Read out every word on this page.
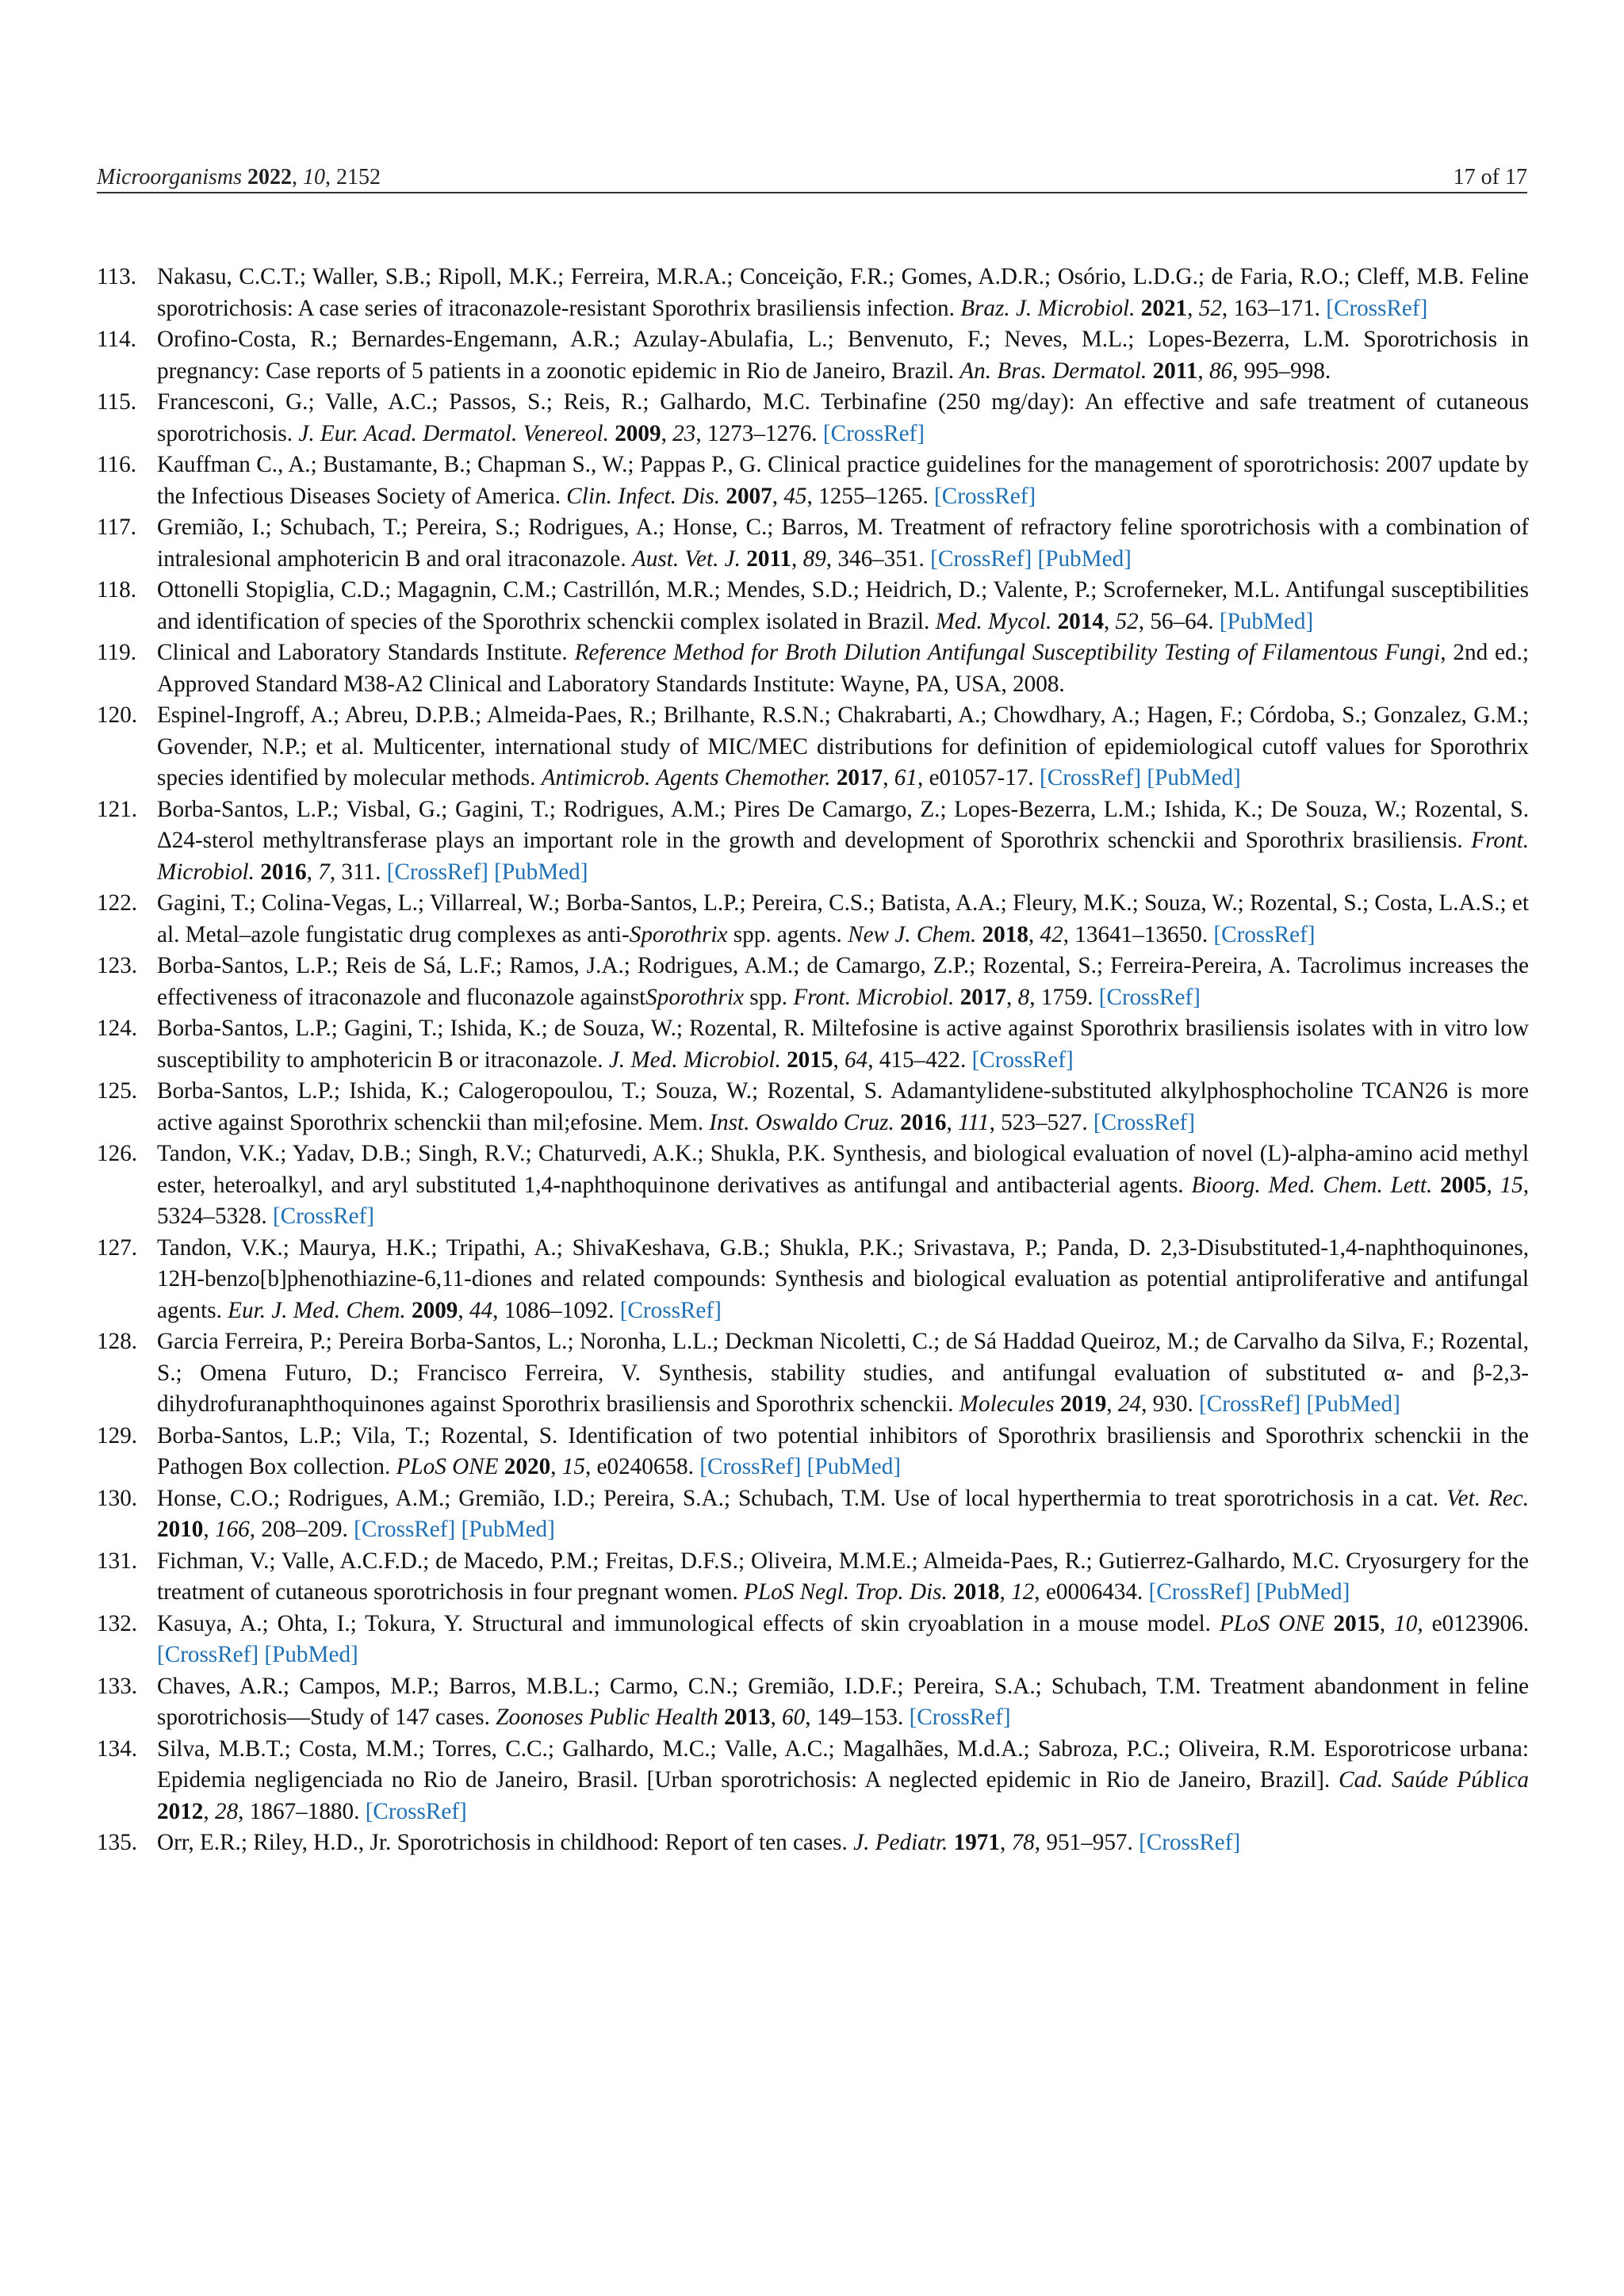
Microorganisms 2022, 10, 2152	17 of 17
113. Nakasu, C.C.T.; Waller, S.B.; Ripoll, M.K.; Ferreira, M.R.A.; Conceição, F.R.; Gomes, A.D.R.; Osório, L.D.G.; de Faria, R.O.; Cleff, M.B. Feline sporotrichosis: A case series of itraconazole-resistant Sporothrix brasiliensis infection. Braz. J. Microbiol. 2021, 52, 163–171. [CrossRef]
114. Orofino-Costa, R.; Bernardes-Engemann, A.R.; Azulay-Abulafia, L.; Benvenuto, F.; Neves, M.L.; Lopes-Bezerra, L.M. Sporotrichosis in pregnancy: Case reports of 5 patients in a zoonotic epidemic in Rio de Janeiro, Brazil. An. Bras. Dermatol. 2011, 86, 995–998.
115. Francesconi, G.; Valle, A.C.; Passos, S.; Reis, R.; Galhardo, M.C. Terbinafine (250 mg/day): An effective and safe treatment of cutaneous sporotrichosis. J. Eur. Acad. Dermatol. Venereol. 2009, 23, 1273–1276. [CrossRef]
116. Kauffman C., A.; Bustamante, B.; Chapman S., W.; Pappas P., G. Clinical practice guidelines for the management of sporotrichosis: 2007 update by the Infectious Diseases Society of America. Clin. Infect. Dis. 2007, 45, 1255–1265. [CrossRef]
117. Gremião, I.; Schubach, T.; Pereira, S.; Rodrigues, A.; Honse, C.; Barros, M. Treatment of refractory feline sporotrichosis with a combination of intralesional amphotericin B and oral itraconazole. Aust. Vet. J. 2011, 89, 346–351. [CrossRef] [PubMed]
118. Ottonelli Stopiglia, C.D.; Magagnin, C.M.; Castrillón, M.R.; Mendes, S.D.; Heidrich, D.; Valente, P.; Scroferneker, M.L. Antifungal susceptibilities and identification of species of the Sporothrix schenckii complex isolated in Brazil. Med. Mycol. 2014, 52, 56–64. [PubMed]
119. Clinical and Laboratory Standards Institute. Reference Method for Broth Dilution Antifungal Susceptibility Testing of Filamentous Fungi, 2nd ed.; Approved Standard M38-A2 Clinical and Laboratory Standards Institute: Wayne, PA, USA, 2008.
120. Espinel-Ingroff, A.; Abreu, D.P.B.; Almeida-Paes, R.; Brilhante, R.S.N.; Chakrabarti, A.; Chowdhary, A.; Hagen, F.; Córdoba, S.; Gonzalez, G.M.; Govender, N.P.; et al. Multicenter, international study of MIC/MEC distributions for definition of epidemiological cutoff values for Sporothrix species identified by molecular methods. Antimicrob. Agents Chemother. 2017, 61, e01057-17. [CrossRef] [PubMed]
121. Borba-Santos, L.P.; Visbal, G.; Gagini, T.; Rodrigues, A.M.; Pires De Camargo, Z.; Lopes-Bezerra, L.M.; Ishida, K.; De Souza, W.; Rozental, S. Δ24-sterol methyltransferase plays an important role in the growth and development of Sporothrix schenckii and Sporothrix brasiliensis. Front. Microbiol. 2016, 7, 311. [CrossRef] [PubMed]
122. Gagini, T.; Colina-Vegas, L.; Villarreal, W.; Borba-Santos, L.P.; Pereira, C.S.; Batista, A.A.; Fleury, M.K.; Souza, W.; Rozental, S.; Costa, L.A.S.; et al. Metal–azole fungistatic drug complexes as anti-Sporothrix spp. agents. New J. Chem. 2018, 42, 13641–13650. [CrossRef]
123. Borba-Santos, L.P.; Reis de Sá, L.F.; Ramos, J.A.; Rodrigues, A.M.; de Camargo, Z.P.; Rozental, S.; Ferreira-Pereira, A. Tacrolimus increases the effectiveness of itraconazole and fluconazole againstSporothrix spp. Front. Microbiol. 2017, 8, 1759. [CrossRef]
124. Borba-Santos, L.P.; Gagini, T.; Ishida, K.; de Souza, W.; Rozental, R. Miltefosine is active against Sporothrix brasiliensis isolates with in vitro low susceptibility to amphotericin B or itraconazole. J. Med. Microbiol. 2015, 64, 415–422. [CrossRef]
125. Borba-Santos, L.P.; Ishida, K.; Calogeropoulou, T.; Souza, W.; Rozental, S. Adamantylidene-substituted alkylphosphocholine TCAN26 is more active against Sporothrix schenckii than mil;efosine. Mem. Inst. Oswaldo Cruz. 2016, 111, 523–527. [CrossRef]
126. Tandon, V.K.; Yadav, D.B.; Singh, R.V.; Chaturvedi, A.K.; Shukla, P.K. Synthesis, and biological evaluation of novel (L)-alpha-amino acid methyl ester, heteroalkyl, and aryl substituted 1,4-naphthoquinone derivatives as antifungal and antibacterial agents. Bioorg. Med. Chem. Lett. 2005, 15, 5324–5328. [CrossRef]
127. Tandon, V.K.; Maurya, H.K.; Tripathi, A.; ShivaKeshava, G.B.; Shukla, P.K.; Srivastava, P.; Panda, D. 2,3-Disubstituted-1,4-naphthoquinones, 12H-benzo[b]phenothiazine-6,11-diones and related compounds: Synthesis and biological evaluation as potential antiproliferative and antifungal agents. Eur. J. Med. Chem. 2009, 44, 1086–1092. [CrossRef]
128. Garcia Ferreira, P.; Pereira Borba-Santos, L.; Noronha, L.L.; Deckman Nicoletti, C.; de Sá Haddad Queiroz, M.; de Carvalho da Silva, F.; Rozental, S.; Omena Futuro, D.; Francisco Ferreira, V. Synthesis, stability studies, and antifungal evaluation of substituted α- and β-2,3-dihydrofuranaphthoquinones against Sporothrix brasiliensis and Sporothrix schenckii. Molecules 2019, 24, 930. [CrossRef] [PubMed]
129. Borba-Santos, L.P.; Vila, T.; Rozental, S. Identification of two potential inhibitors of Sporothrix brasiliensis and Sporothrix schenckii in the Pathogen Box collection. PLoS ONE 2020, 15, e0240658. [CrossRef] [PubMed]
130. Honse, C.O.; Rodrigues, A.M.; Gremião, I.D.; Pereira, S.A.; Schubach, T.M. Use of local hyperthermia to treat sporotrichosis in a cat. Vet. Rec. 2010, 166, 208–209. [CrossRef] [PubMed]
131. Fichman, V.; Valle, A.C.F.D.; de Macedo, P.M.; Freitas, D.F.S.; Oliveira, M.M.E.; Almeida-Paes, R.; Gutierrez-Galhardo, M.C. Cryosurgery for the treatment of cutaneous sporotrichosis in four pregnant women. PLoS Negl. Trop. Dis. 2018, 12, e0006434. [CrossRef] [PubMed]
132. Kasuya, A.; Ohta, I.; Tokura, Y. Structural and immunological effects of skin cryoablation in a mouse model. PLoS ONE 2015, 10, e0123906. [CrossRef] [PubMed]
133. Chaves, A.R.; Campos, M.P.; Barros, M.B.L.; Carmo, C.N.; Gremião, I.D.F.; Pereira, S.A.; Schubach, T.M. Treatment abandonment in feline sporotrichosis—Study of 147 cases. Zoonoses Public Health 2013, 60, 149–153. [CrossRef]
134. Silva, M.B.T.; Costa, M.M.; Torres, C.C.; Galhardo, M.C.; Valle, A.C.; Magalhães, M.d.A.; Sabroza, P.C.; Oliveira, R.M. Esporotricose urbana: Epidemia negligenciada no Rio de Janeiro, Brasil. [Urban sporotrichosis: A neglected epidemic in Rio de Janeiro, Brazil]. Cad. Saúde Pública 2012, 28, 1867–1880. [CrossRef]
135. Orr, E.R.; Riley, H.D., Jr. Sporotrichosis in childhood: Report of ten cases. J. Pediatr. 1971, 78, 951–957. [CrossRef]
